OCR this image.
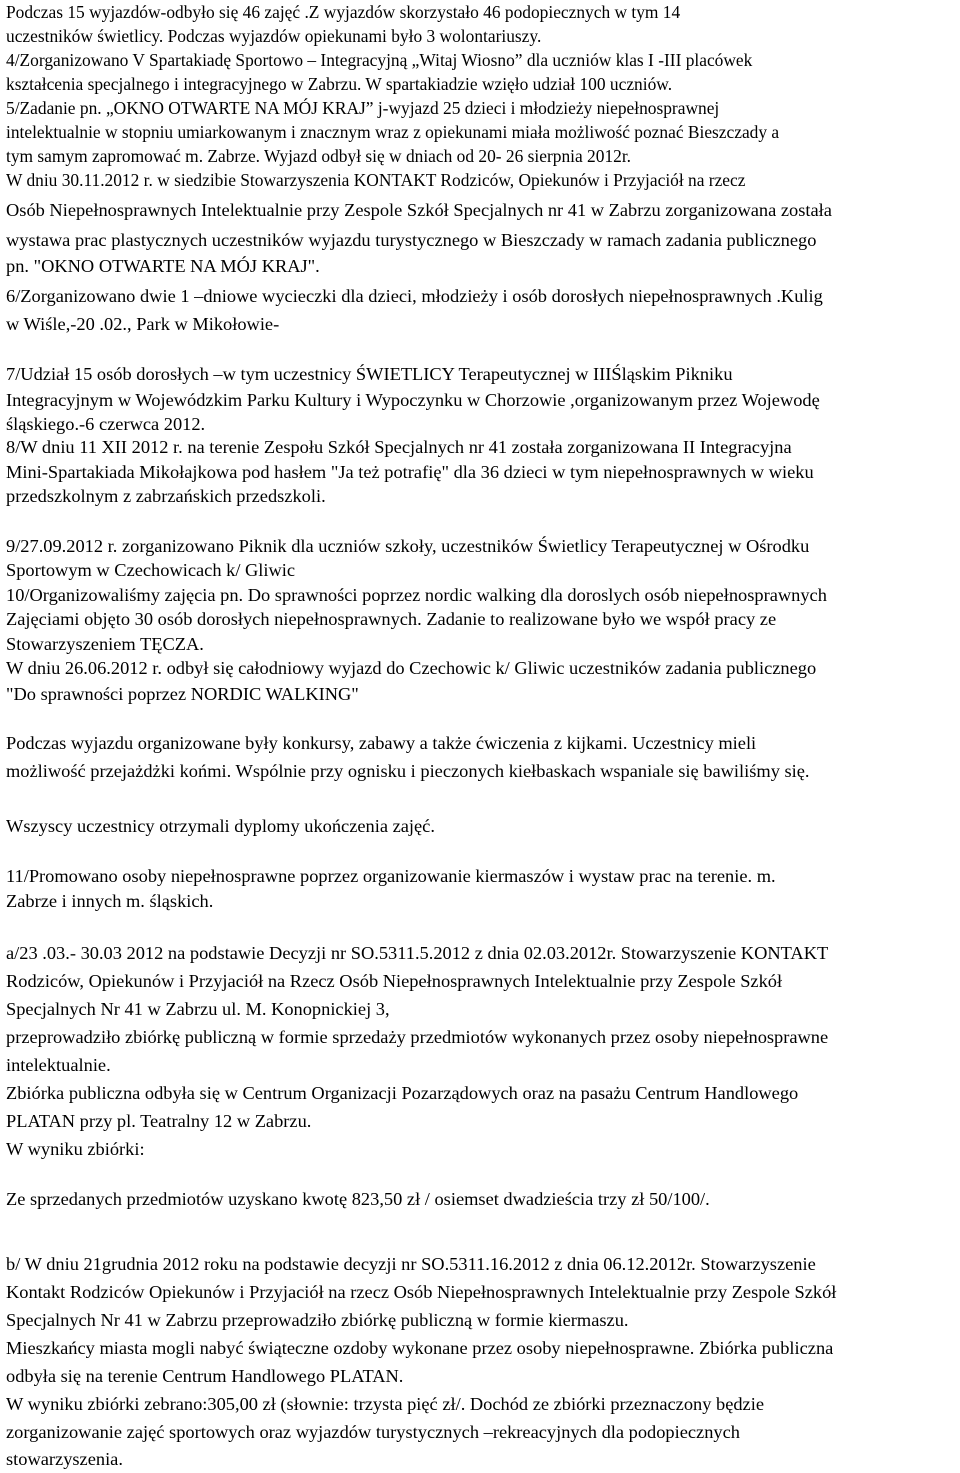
Podczas 15 wyjazdów-odbyło się 46 zajęć .Z wyjazdów skorzystało 46 podopiecznych w tym 14
uczestników świetlicy. Podczas wyjazdów opiekunami było 3 wolontariuszy.
4/Zorganizowano V Spartakiadę Sportowo – Integracyjną „Witaj Wiosno” dla uczniów klas I -III placówek
kształcenia specjalnego i integracyjnego w Zabrzu. W spartakiadzie wzięło udział 100 uczniów.
5/Zadanie pn. „OKNO OTWARTE NA MÓJ KRAJ” j-wyjazd 25 dzieci i młodzieży niepełnosprawnej
intelektualnie w stopniu umiarkowanym i znacznym wraz z opiekunami miała możliwość poznać Bieszczady a
tym samym zapromować m. Zabrze. Wyjazd odbył się w dniach od 20- 26 sierpnia 2012r.
W dniu 30.11.2012 r. w siedzibie Stowarzyszenia KONTAKT Rodziców, Opiekunów i Przyjaciół na rzecz
Osób Niepełnosprawnych Intelektualnie przy Zespole Szkół Specjalnych nr 41 w Zabrzu zorganizowana została
wystawa prac plastycznych uczestników wyjazdu turystycznego w Bieszczady w ramach zadania publicznego
pn. "OKNO OTWARTE NA MÓJ KRAJ".
6/Zorganizowano dwie 1 –dniowe wycieczki dla dzieci, młodzieży i osób dorosłych niepełnosprawnych .Kulig
w Wiśle,-20 .02., Park w Mikołowie-
7/Udział 15 osób dorosłych –w tym uczestnicy ŚWIETLICY Terapeutycznej w IIIŚląskim Pikniku
Integracyjnym w Wojewódzkim Parku Kultury i Wypoczynku w Chorzowie ,organizowanym przez Wojewodę
śląskiego.-6 czerwca 2012.
8/W dniu 11 XII 2012 r. na terenie Zespołu Szkół Specjalnych nr 41 została zorganizowana II Integracyjna
Mini-Spartakiada Mikołajkowa pod hasłem "Ja też potrafię" dla 36 dzieci w tym niepełnosprawnych w wieku
przedszkolnym z zabrzańskich przedszkoli.
9/27.09.2012 r. zorganizowano Piknik dla uczniów szkoły, uczestników Świetlicy Terapeutycznej w Ośrodku
Sportowym w Czechowicach k/ Gliwic
10/Organizowaliśmy zajęcia pn. Do sprawności poprzez nordic walking dla doroslych osób niepełnosprawnych
Zajęciami objęto 30 osób dorosłych niepełnosprawnych. Zadanie to realizowane było we współ pracy ze
Stowarzyszeniem TĘCZA.
W dniu 26.06.2012 r. odbył się całodniowy wyjazd do Czechowic k/ Gliwic uczestników zadania publicznego
"Do sprawności poprzez NORDIC WALKING"
Podczas wyjazdu organizowane były konkursy, zabawy a także ćwiczenia z kijkami. Uczestnicy mieli
możliwość przejażdżki końmi. Wspólnie przy ognisku i pieczonych kiełbaskach wspaniale się bawiliśmy się.
Wszyscy uczestnicy otrzymali dyplomy ukończenia zajęć.
11/Promowano osoby niepełnosprawne poprzez organizowanie kiermaszów i wystaw prac na terenie. m.
Zabrze i innych m. śląskich.
a/23 .03.- 30.03 2012 na podstawie Decyzji nr SO.5311.5.2012 z dnia 02.03.2012r. Stowarzyszenie KONTAKT
Rodziców, Opiekunów i Przyjaciół na Rzecz Osób Niepełnosprawnych Intelektualnie przy Zespole Szkół
Specjalnych Nr 41 w Zabrzu ul. M. Konopnickiej 3,
przeprowadziło zbiórkę publiczną w formie sprzedaży przedmiotów wykonanych przez osoby niepełnosprawne
intelektualnie.
Zbiórka publiczna odbyła się w Centrum Organizacji Pozarządowych oraz na pasażu Centrum Handlowego
PLATAN przy pl. Teatralny 12 w Zabrzu.
W wyniku zbiórki:
Ze sprzedanych przedmiotów uzyskano kwotę 823,50 zł / osiemset dwadzieścia trzy zł 50/100/.
b/ W dniu 21grudnia 2012 roku na podstawie decyzji nr SO.5311.16.2012 z dnia 06.12.2012r. Stowarzyszenie
Kontakt Rodziców Opiekunów i Przyjaciół na rzecz Osób Niepełnosprawnych Intelektualnie przy Zespole Szkół
Specjalnych Nr 41 w Zabrzu przeprowadziło zbiórkę publiczną w formie kiermaszu.
Mieszkańcy miasta mogli nabyć świąteczne ozdoby wykonane przez osoby niepełnosprawne. Zbiórka publiczna
odbyła się na terenie Centrum Handlowego PLATAN.
W wyniku zbiórki zebrano:305,00 zł (słownie: trzysta pięć zł/. Dochód ze zbiórki przeznaczony będzie
zorganizowanie zajęć sportowych oraz wyjazdów turystycznych –rekreacyjnych dla podopiecznych
stowarzyszenia.
